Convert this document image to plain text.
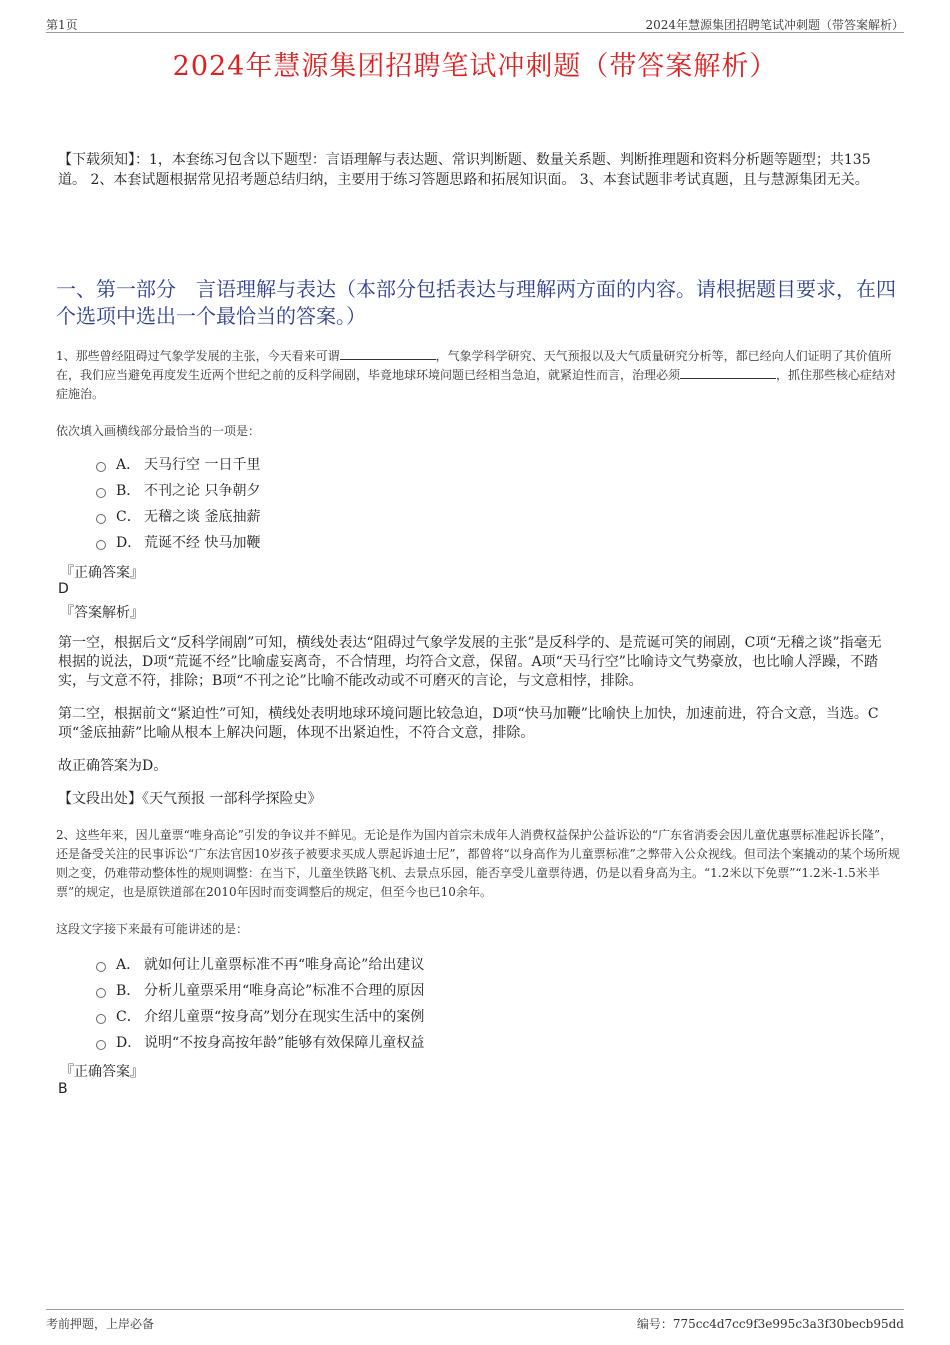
第1页	2024年慧源集团招聘笔试冲刺题（带答案解析）
2024年慧源集团招聘笔试冲刺题（带答案解析）
【下载须知】：1，本套练习包含以下题型：言语理解与表达题、常识判断题、数量关系题、判断推理题和资料分析题等题型；共135道。 2、本套试题根据常见招考题总结归纳，主要用于练习答题思路和拓展知识面。 3、本套试题非考试真题，且与慧源集团无关。
一、第一部分　言语理解与表达（本部分包括表达与理解两方面的内容。请根据题目要求，在四个选项中选出一个最恰当的答案。）
1、那些曾经阻碍过气象学发展的主张，今天看来可谓	，气象学科学研究、天气预报以及大气质量研究分析等，都已经向人们证明了其价值所在，我们应当避免再度发生近两个世纪之前的反科学闹剧，毕竟地球环境问题已经相当急迫，就紧迫性而言，治理必须	，抓住那些核心症结对症施治。
依次填入画横线部分最恰当的一项是：
A． 天马行空 一日千里
B． 不刊之论 只争朝夕
C． 无稽之谈 釜底抽薪
D． 荒诞不经 快马加鞭
『正确答案』
D
『答案解析』
第一空，根据后文“反科学闹剧”可知，横线处表达“阻碍过气象学发展的主张”是反科学的、是荒诞可笑的闹剧，C项“无稽之谈”指毫无根据的说法，D项“荒诞不经”比喻虚妄离奇，不合情理，均符合文意，保留。A项“天马行空”比喻诗文气势豪放，也比喻人浮躁，不踏实，与文意不符，排除；B项“不刊之论”比喻不能改动或不可磨灭的言论，与文意相悖，排除。
第二空，根据前文“紧迫性”可知，横线处表明地球环境问题比较急迫，D项“快马加鞭”比喻快上加快，加速前进，符合文意，当选。C项“釜底抽薪”比喻从根本上解决问题，体现不出紧迫性，不符合文意，排除。
故正确答案为D。
【文段出处】《天气预报 一部科学探险史》
2、这些年来，因儿童票“唯身高论”引发的争议并不鲜见。无论是作为国内首宗未成年人消费权益保护公益诉讼的“广东省消委会因儿童优惠票标准起诉长隆”，还是备受关注的民事诉讼“广东法官因10岁孩子被要求买成人票起诉迪士尼”，都曾将“以身高作为儿童票标准”之弊带入公众视线。但司法个案撬动的某个场所规则之变，仍难带动整体性的规则调整：在当下，儿童坐铁路飞机、去景点乐园，能否享受儿童票待遇，仍是以看身高为主。“1.2米以下免票”“1.2米-1.5米半票”的规定，也是原铁道部在2010年因时而变调整后的规定，但至今也已10余年。
这段文字接下来最有可能讲述的是：
A． 就如何让儿童票标准不再“唯身高论”给出建议
B． 分析儿童票采用“唯身高论”标准不合理的原因
C． 介绍儿童票“按身高”划分在现实生活中的案例
D． 说明“不按身高按年龄”能够有效保障儿童权益
『正确答案』
B
考前押题，上岸必备	编号：775cc4d7cc9f3e995c3a3f30becb95dd
